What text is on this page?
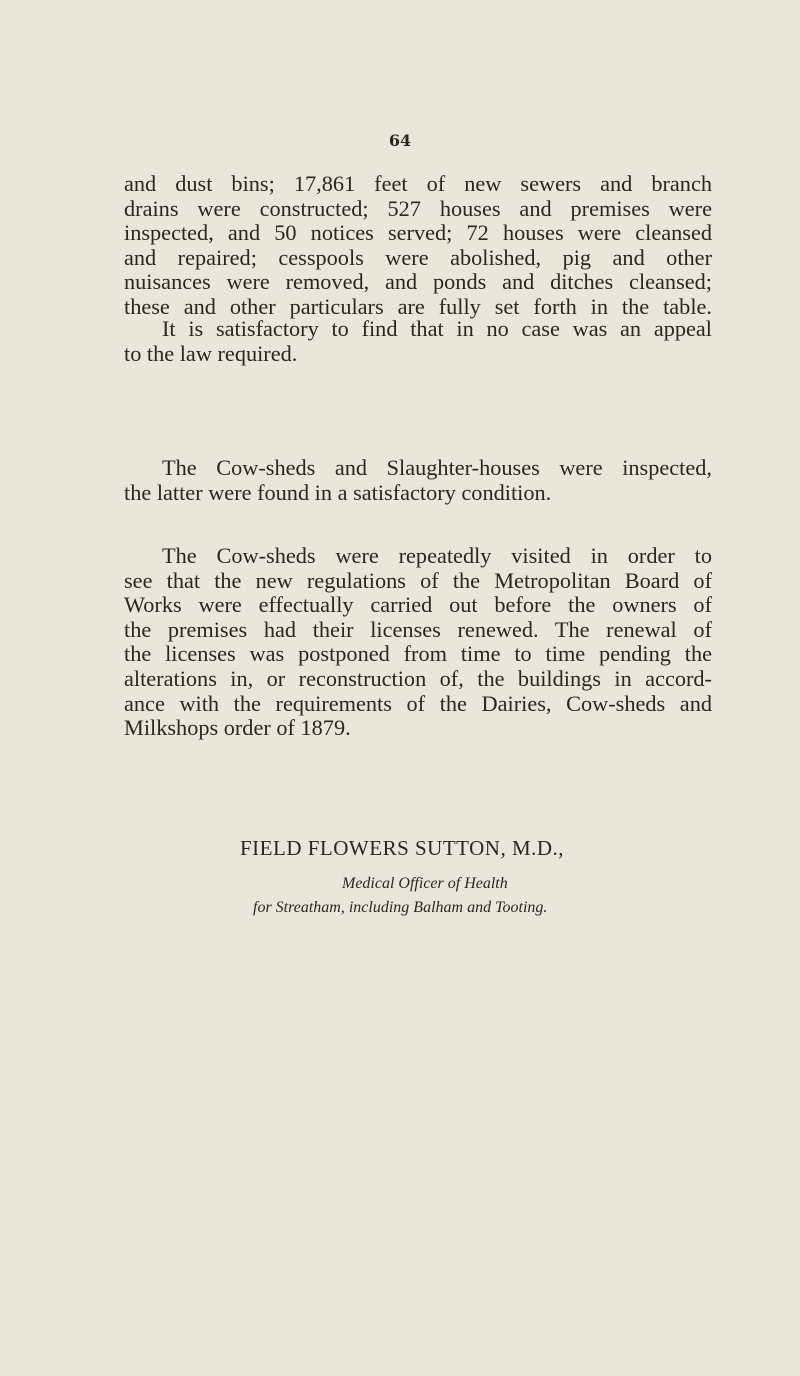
64
and dust bins; 17,861 feet of new sewers and branch
drains were constructed; 527 houses and premises were
inspected, and 50 notices served; 72 houses were cleansed
and repaired; cesspools were abolished, pig and other
nuisances were removed, and ponds and ditches cleansed;
these and other particulars are fully set forth in the table.
It is satisfactory to find that in no case was an appeal
to the law required.
The Cow-sheds and Slaughter-houses were inspected,
the latter were found in a satisfactory condition.
The Cow-sheds were repeatedly visited in order to
see that the new regulations of the Metropolitan Board of
Works were effectually carried out before the owners of
the premises had their licenses renewed. The renewal of
the licenses was postponed from time to time pending the
alterations in, or reconstruction of, the buildings in accord-
ance with the requirements of the Dairies, Cow-sheds and
Milkshops order of 1879.
FIELD FLOWERS SUTTON, M.D.,
Medical Officer of Health
for Streatham, including Balham and Tooting.
